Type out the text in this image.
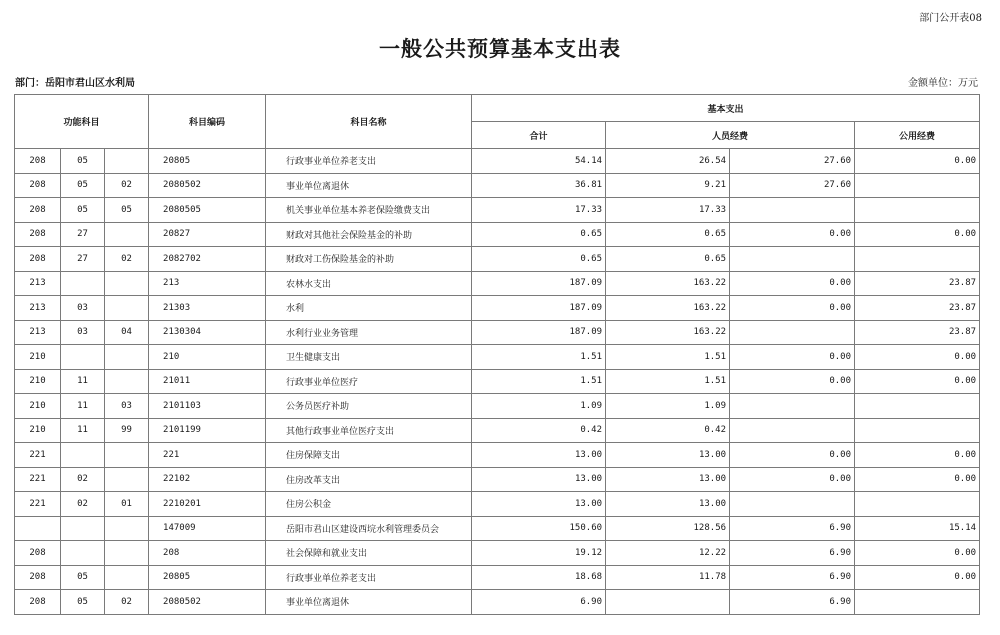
部门公开表08
一般公共预算基本支出表
部门：岳阳市君山区水利局	金额单位：万元
功能科目			科目编码	科目名称	基本支出			
					合计	人员经费		公用经费
208	05		20805	行政事业单位养老支出	54.14	26.54	27.60	0.00
208	05	02	2080502	事业单位离退休	36.81	9.21	27.60	
208	05	05	2080505	机关事业单位基本养老保险缴费支出	17.33	17.33		
208	27		20827	财政对其他社会保险基金的补助	0.65	0.65	0.00	0.00
208	27	02	2082702	财政对工伤保险基金的补助	0.65	0.65		
213			213	农林水支出	187.09	163.22	0.00	23.87
213	03		21303	水利	187.09	163.22	0.00	23.87
213	03	04	2130304	水利行业业务管理	187.09	163.22		23.87
210			210	卫生健康支出	1.51	1.51	0.00	0.00
210	11		21011	行政事业单位医疗	1.51	1.51	0.00	0.00
210	11	03	2101103	公务员医疗补助	1.09	1.09		
210	11	99	2101199	其他行政事业单位医疗支出	0.42	0.42		
221			221	住房保障支出	13.00	13.00	0.00	0.00
221	02		22102	住房改革支出	13.00	13.00	0.00	0.00
221	02	01	2210201	住房公积金	13.00	13.00		
			147009	岳阳市君山区建设西垸水利管理委员会	150.60	128.56	6.90	15.14
208			208	社会保障和就业支出	19.12	12.22	6.90	0.00
208	05		20805	行政事业单位养老支出	18.68	11.78	6.90	0.00
208	05	02	2080502	事业单位离退休	6.90		6.90	
